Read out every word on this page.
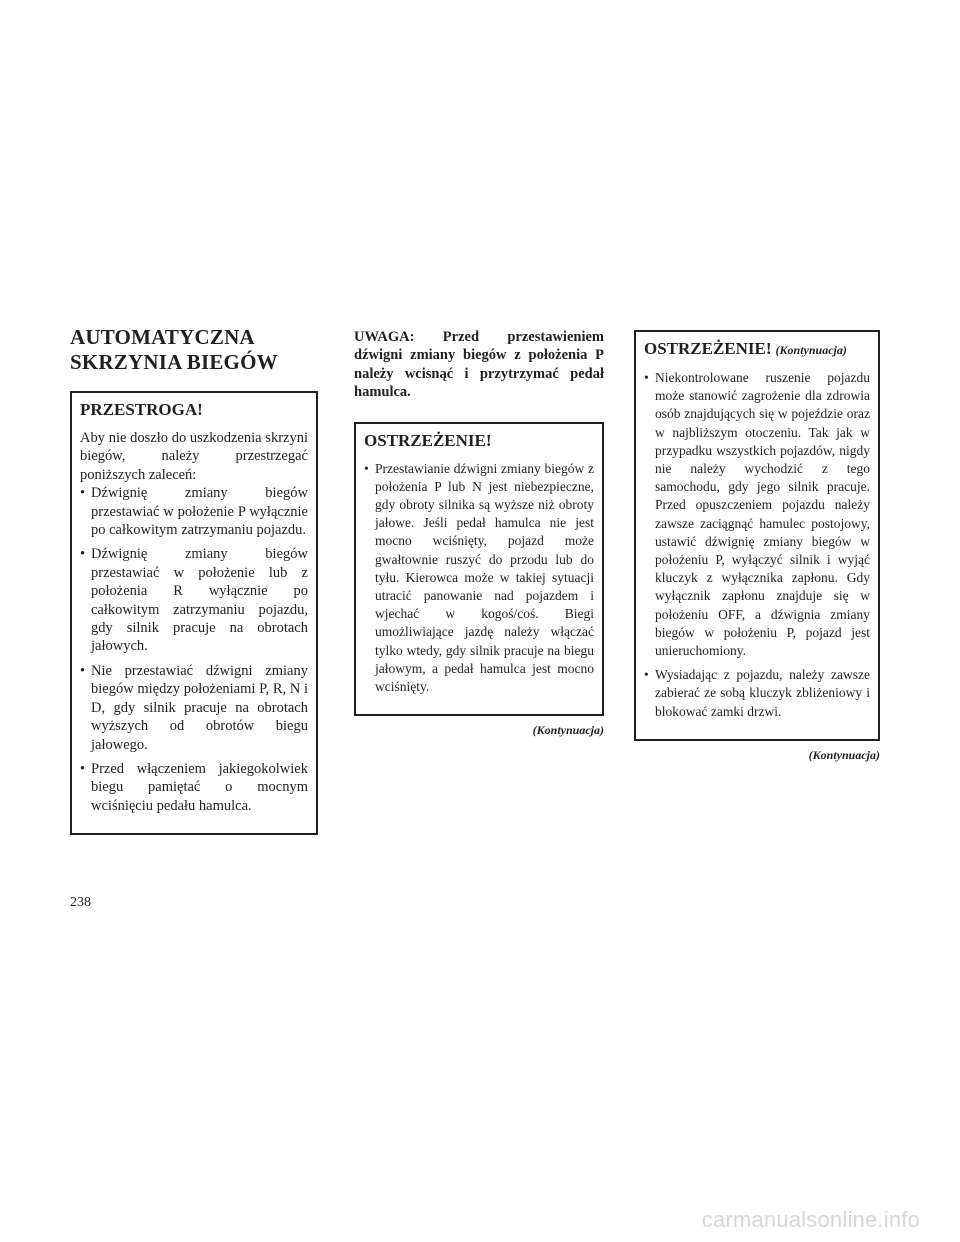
AUTOMATYCZNA
SKRZYNIA BIEGÓW
PRZESTROGA!
Aby nie doszło do uszkodzenia skrzyni biegów, należy przestrzegać poniższych zaleceń:
• Dźwignię zmiany biegów przestawiać w położenie P wyłącznie po całkowitym zatrzymaniu pojazdu.
• Dźwignię zmiany biegów przestawiać w położenie lub z położenia R wyłącznie po całkowitym zatrzymaniu pojazdu, gdy silnik pracuje na obrotach jałowych.
• Nie przestawiać dźwigni zmiany biegów między położeniami P, R, N i D, gdy silnik pracuje na obrotach wyższych od obrotów biegu jałowego.
• Przed włączeniem jakiegokolwiek biegu pamiętać o mocnym wciśnięciu pedału hamulca.
UWAGA: Przed przestawieniem dźwigni zmiany biegów z położenia P należy wcisnąć i przytrzymać pedał hamulca.
OSTRZEŻENIE!
• Przestawianie dźwigni zmiany biegów z położenia P lub N jest niebezpieczne, gdy obroty silnika są wyższe niż obroty jałowe. Jeśli pedał hamulca nie jest mocno wciśnięty, pojazd może gwałtownie ruszyć do przodu lub do tyłu. Kierowca może w takiej sytuacji utracić panowanie nad pojazdem i wjechać w kogoś/coś. Biegi umożliwiające jazdę należy włączać tylko wtedy, gdy silnik pracuje na biegu jałowym, a pedał hamulca jest mocno wciśnięty.
(Kontynuacja)
OSTRZEŻENIE! (Kontynuacja)
• Niekontrolowane ruszenie pojazdu może stanowić zagrożenie dla zdrowia osób znajdujących się w pojeździe oraz w najbliższym otoczeniu. Tak jak w przypadku wszystkich pojazdów, nigdy nie należy wychodzić z tego samochodu, gdy jego silnik pracuje. Przed opuszczeniem pojazdu należy zawsze zaciągnąć hamulec postojowy, ustawić dźwignię zmiany biegów w położeniu P, wyłączyć silnik i wyjąć kluczyk z wyłącznika zapłonu. Gdy wyłącznik zapłonu znajduje się w położeniu OFF, a dźwignia zmiany biegów w położeniu P, pojazd jest unieruchomiony.
• Wysiadając z pojazdu, należy zawsze zabierać ze sobą kluczyk zbliżeniowy i blokować zamki drzwi.
(Kontynuacja)
238
carmanualsonline.info
